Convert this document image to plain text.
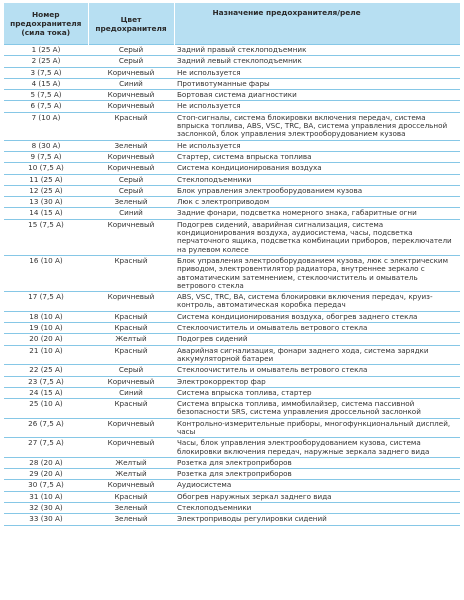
Номер
предохранителя
(сила тока)	Цвет
предохранителя	Назначение предохранителя/реле
1 (25 А)	Серый	Задний правый стеклоподъемник
2 (25 А)	Серый	Задний левый стеклоподъемник
3 (7,5 А)	Коричневый	Не используется
4 (15 А)	Синий	Противотуманные фары
5 (7,5 А)	Коричневый	Бортовая система диагностики
6 (7,5 А)	Коричневый	Не используется
7 (10 А)	Красный	Стоп-сигналы, система блокировки включения передач, система впрыска топлива, ABS, VSC, TRC, BA, система управления дроссельной заслонкой, блок управления электрооборудованием кузова
8 (30 А)	Зеленый	Не используется
9 (7,5 А)	Коричневый	Стартер, система впрыска топлива
10 (7,5 А)	Коричневый	Система кондиционирования воздуха
11 (25 А)	Серый	Стеклоподъемники
12 (25 А)	Серый	Блок управления электрооборудованием кузова
13 (30 А)	Зеленый	Люк с электроприводом
14 (15 А)	Синий	Задние фонари, подсветка номерного знака, габаритные огни
15 (7,5 А)	Коричневый	Подогрев сидений, аварийная сигнализация, система кондиционирования воздуха, аудиосистема, часы, подсветка перчаточного ящика, подсветка комбинации приборов, переключатели на рулевом колесе
16 (10 А)	Красный	Блок управления электрооборудованием кузова, люк с электрическим приводом, электровентилятор радиатора, внутреннее зеркало с автоматическим затемнением, стеклоочиститель и омыватель ветрового стекла
17 (7,5 А)	Коричневый	ABS, VSC, TRC, BA, система блокировки включения передач, круиз-контроль, автоматическая коробка передач
18 (10 А)	Красный	Система кондиционирования воздуха, обогрев заднего стекла
19 (10 А)	Красный	Стеклоочиститель и омыватель ветрового стекла
20 (20 А)	Желтый	Подогрев сидений
21 (10 А)	Красный	Аварийная сигнализация, фонари заднего хода, система зарядки аккумуляторной батареи
22 (25 А)	Серый	Стеклоочиститель и омыватель ветрового стекла
23 (7,5 А)	Коричневый	Электрокорректор фар
24 (15 А)	Синий	Система впрыска топлива, стартер
25 (10 А)	Красный	Система впрыска топлива, иммобилайзер, система пассивной безопасности SRS, система управления дроссельной заслонкой
26 (7,5 А)	Коричневый	Контрольно-измерительные приборы, многофункциональный дисплей, часы
27 (7,5 А)	Коричневый	Часы, блок управления электрооборудованием кузова, система блокировки включения передач, наружные зеркала заднего вида
28 (20 А)	Желтый	Розетка для электроприборов
29 (20 А)	Желтый	Розетка для электроприборов
30 (7,5 А)	Коричневый	Аудиосистема
31 (10 А)	Красный	Обогрев наружных зеркал заднего вида
32 (30 А)	Зеленый	Стеклоподъемники
33 (30 А)	Зеленый	Электроприводы регулировки сидений
